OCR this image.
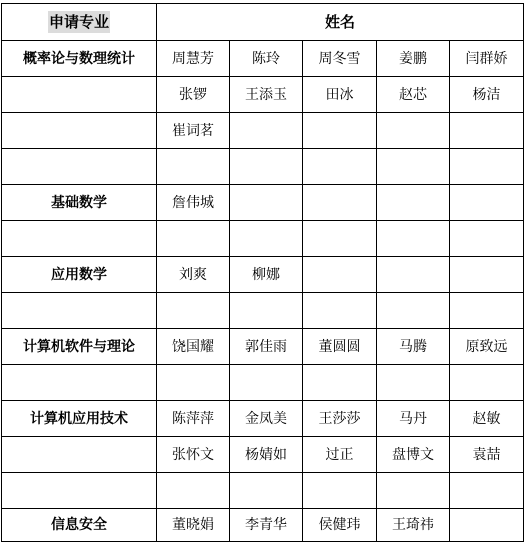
申请专业	姓名				
概率论与数理统计	周慧芳	陈玲	周冬雪	姜鹏	闫群娇
	张锣	王添玉	田冰	赵芯	杨洁
	崔词茗				

基础数学	詹伟城				

应用数学	刘爽	柳娜			

计算机软件与理论	饶国耀	郭佳雨	董圆圆	马腾	原致远

计算机应用技术	陈萍萍	金凤美	王莎莎	马丹	赵敏
	张怀文	杨婧如	过正	盘博文	袁喆

信息安全	董晓娟	李青华	侯健玮	王琦祎	
